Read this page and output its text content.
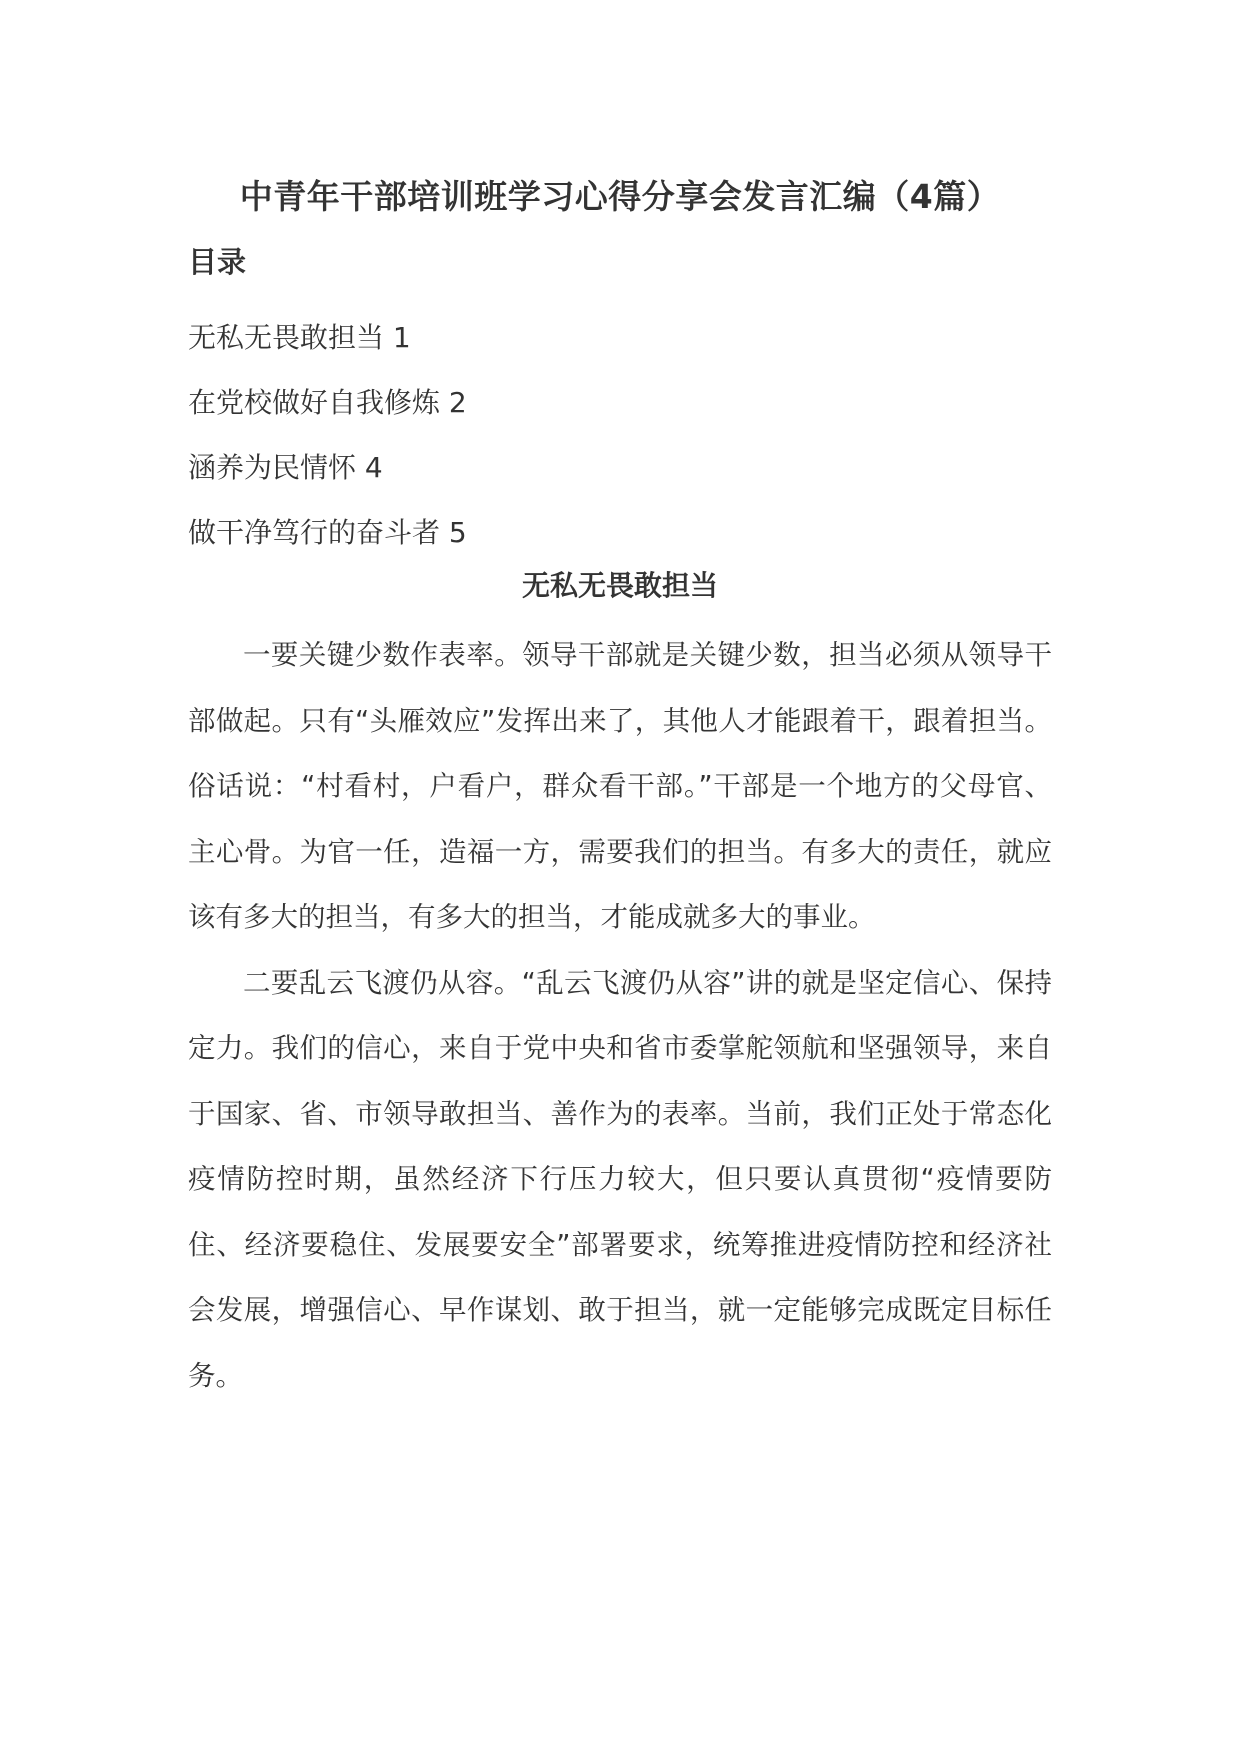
中青年干部培训班学习心得分享会发言汇编（4篇）
目录
无私无畏敢担当 1
在党校做好自我修炼 2
涵养为民情怀 4
做干净笃行的奋斗者 5
无私无畏敢担当

一要关键少数作表率。领导干部就是关键少数，担当必须从领导干部做起。只有“头雁效应”发挥出来了，其他人才能跟着干，跟着担当。俗话说：“村看村，户看户，群众看干部。”干部是一个地方的父母官、主心骨。为官一任，造福一方，需要我们的担当。有多大的责任，就应该有多大的担当，有多大的担当，才能成就多大的事业。

二要乱云飞渡仍从容。“乱云飞渡仍从容”讲的就是坚定信心、保持定力。我们的信心，来自于党中央和省市委掌舵领航和坚强领导，来自于国家、省、市领导敢担当、善作为的表率。当前，我们正处于常态化疫情防控时期，虽然经济下行压力较大，但只要认真贯彻“疫情要防住、经济要稳住、发展要安全”部署要求，统筹推进疫情防控和经济社会发展，增强信心、早作谋划、敢于担当，就一定能够完成既定目标任务。
